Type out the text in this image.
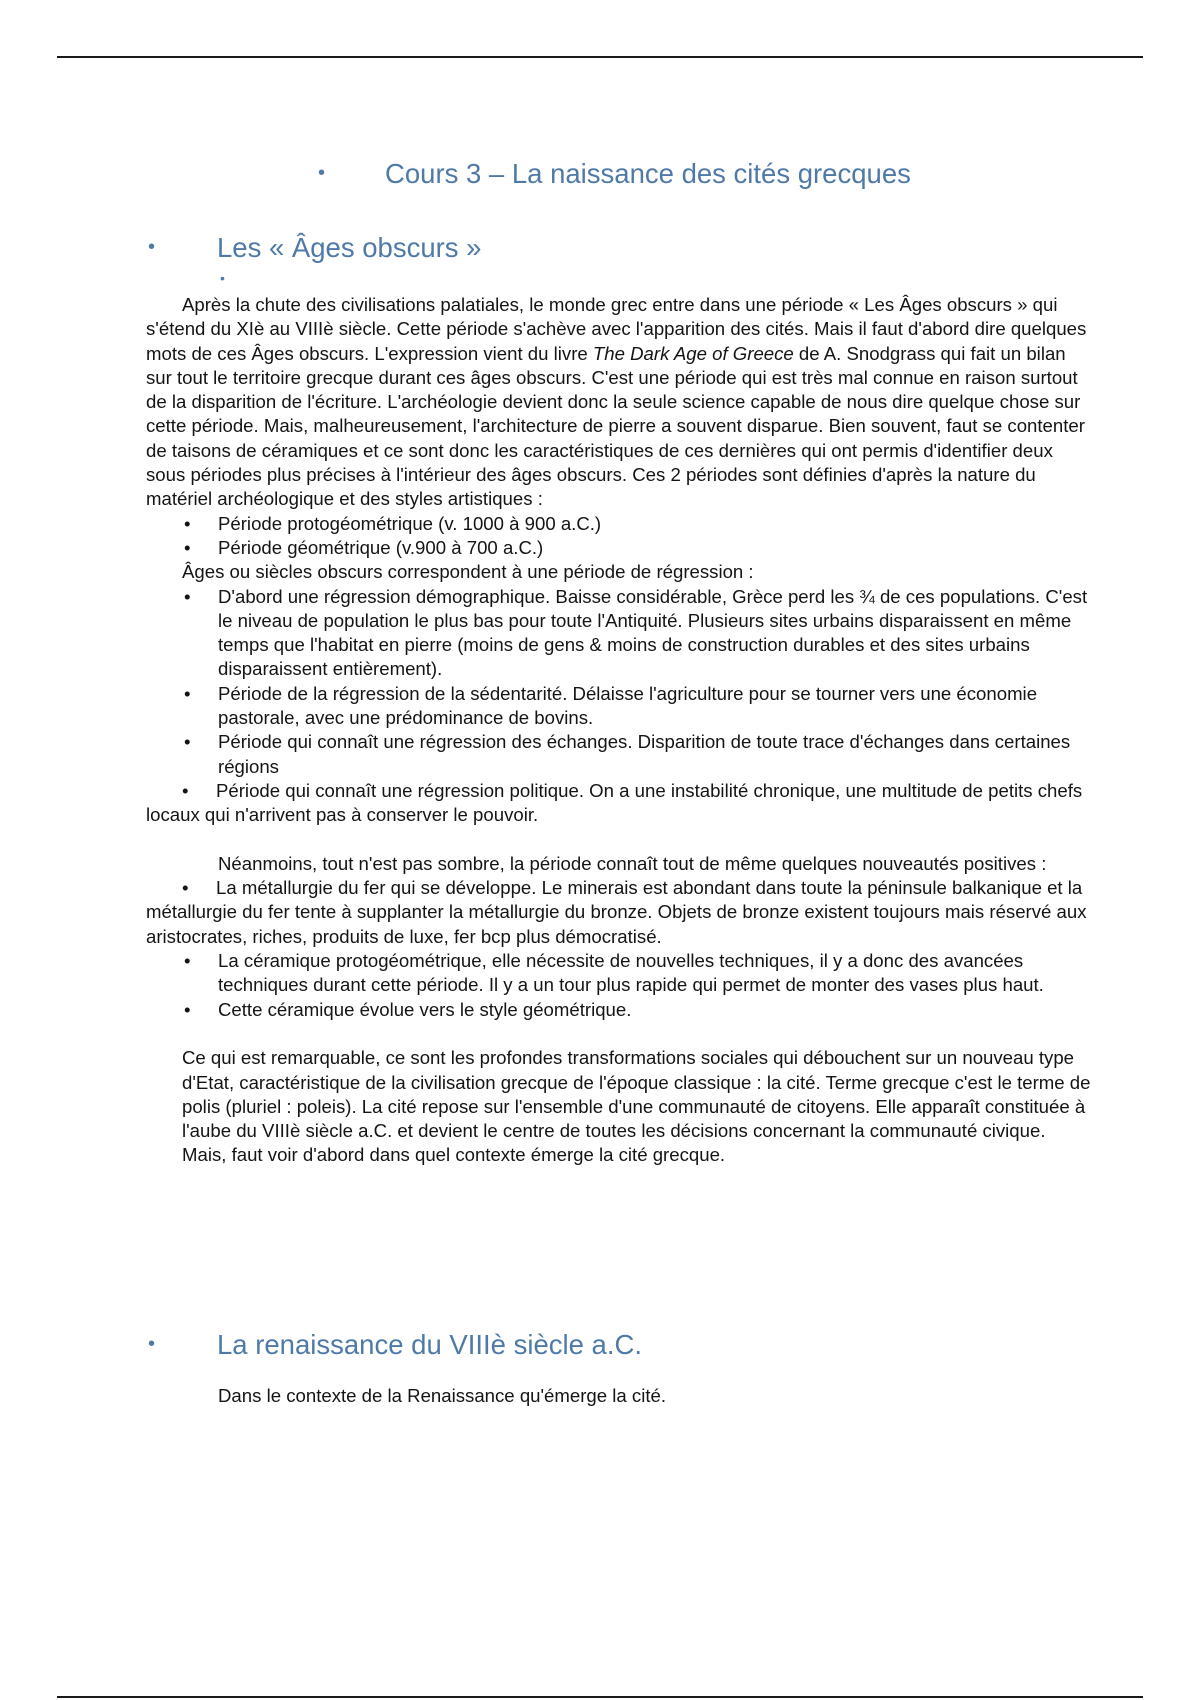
• Cours 3 – La naissance des cités grecques
• Les « Âges obscurs »
•

Après la chute des civilisations palatiales, le monde grec entre dans une période « Les Âges obscurs » qui s'étend du XIè au VIIIè siècle. Cette période s'achève avec l'apparition des cités. Mais il faut d'abord dire quelques mots de ces Âges obscurs. L'expression vient du livre The Dark Age of Greece de A. Snodgrass qui fait un bilan sur tout le territoire grecque durant ces âges obscurs. C'est une période qui est très mal connue en raison surtout de la disparition de l'écriture. L'archéologie devient donc la seule science capable de nous dire quelque chose sur cette période. Mais, malheureusement, l'architecture de pierre a souvent disparue. Bien souvent, faut se contenter de taisons de céramiques et ce sont donc les caractéristiques de ces dernières qui ont permis d'identifier deux sous périodes plus précises à l'intérieur des âges obscurs. Ces 2 périodes sont définies d'après la nature du matériel archéologique et des styles artistiques :

• Période protogéométrique (v. 1000 à 900 a.C.)
• Période géométrique (v.900 à 700 a.C.)

Âges ou siècles obscurs correspondent à une période de régression :

• D'abord une régression démographique. Baisse considérable, Grèce perd les ¾ de ces populations. C'est le niveau de population le plus bas pour toute l'Antiquité. Plusieurs sites urbains disparaissent en même temps que l'habitat en pierre (moins de gens & moins de construction durables et des sites urbains disparaissent entièrement).
• Période de la régression de la sédentarité. Délaisse l'agriculture pour se tourner vers une économie pastorale, avec une prédominance de bovins.
• Période qui connaît une régression des échanges. Disparition de toute trace d'échanges dans certaines régions

• Période qui connaît une régression politique. On a une instabilité chronique, une multitude de petits chefs locaux qui n'arrivent pas à conserver le pouvoir.

Néanmoins, tout n'est pas sombre, la période connaît tout de même quelques nouveautés positives :

• La métallurgie du fer qui se développe. Le minerais est abondant dans toute la péninsule balkanique et la métallurgie du fer tente à supplanter la métallurgie du bronze. Objets de bronze existent toujours mais réservé aux aristocrates, riches, produits de luxe, fer bcp plus démocratisé.

• La céramique protogéométrique, elle nécessite de nouvelles techniques, il y a donc des avancées techniques durant cette période. Il y a un tour plus rapide qui permet de monter des vases plus haut.
• Cette céramique évolue vers le style géométrique.

Ce qui est remarquable, ce sont les profondes transformations sociales qui débouchent sur un nouveau type d'Etat, caractéristique de la civilisation grecque de l'époque classique : la cité. Terme grecque c'est le terme de polis (pluriel : poleis). La cité repose sur l'ensemble d'une communauté de citoyens. Elle apparaît constituée à l'aube du VIIIè siècle a.C. et devient le centre de toutes les décisions concernant la communauté civique. Mais, faut voir d'abord dans quel contexte émerge la cité grecque.

• La renaissance du VIIIè siècle a.C.

Dans le contexte de la Renaissance qu'émerge la cité.
